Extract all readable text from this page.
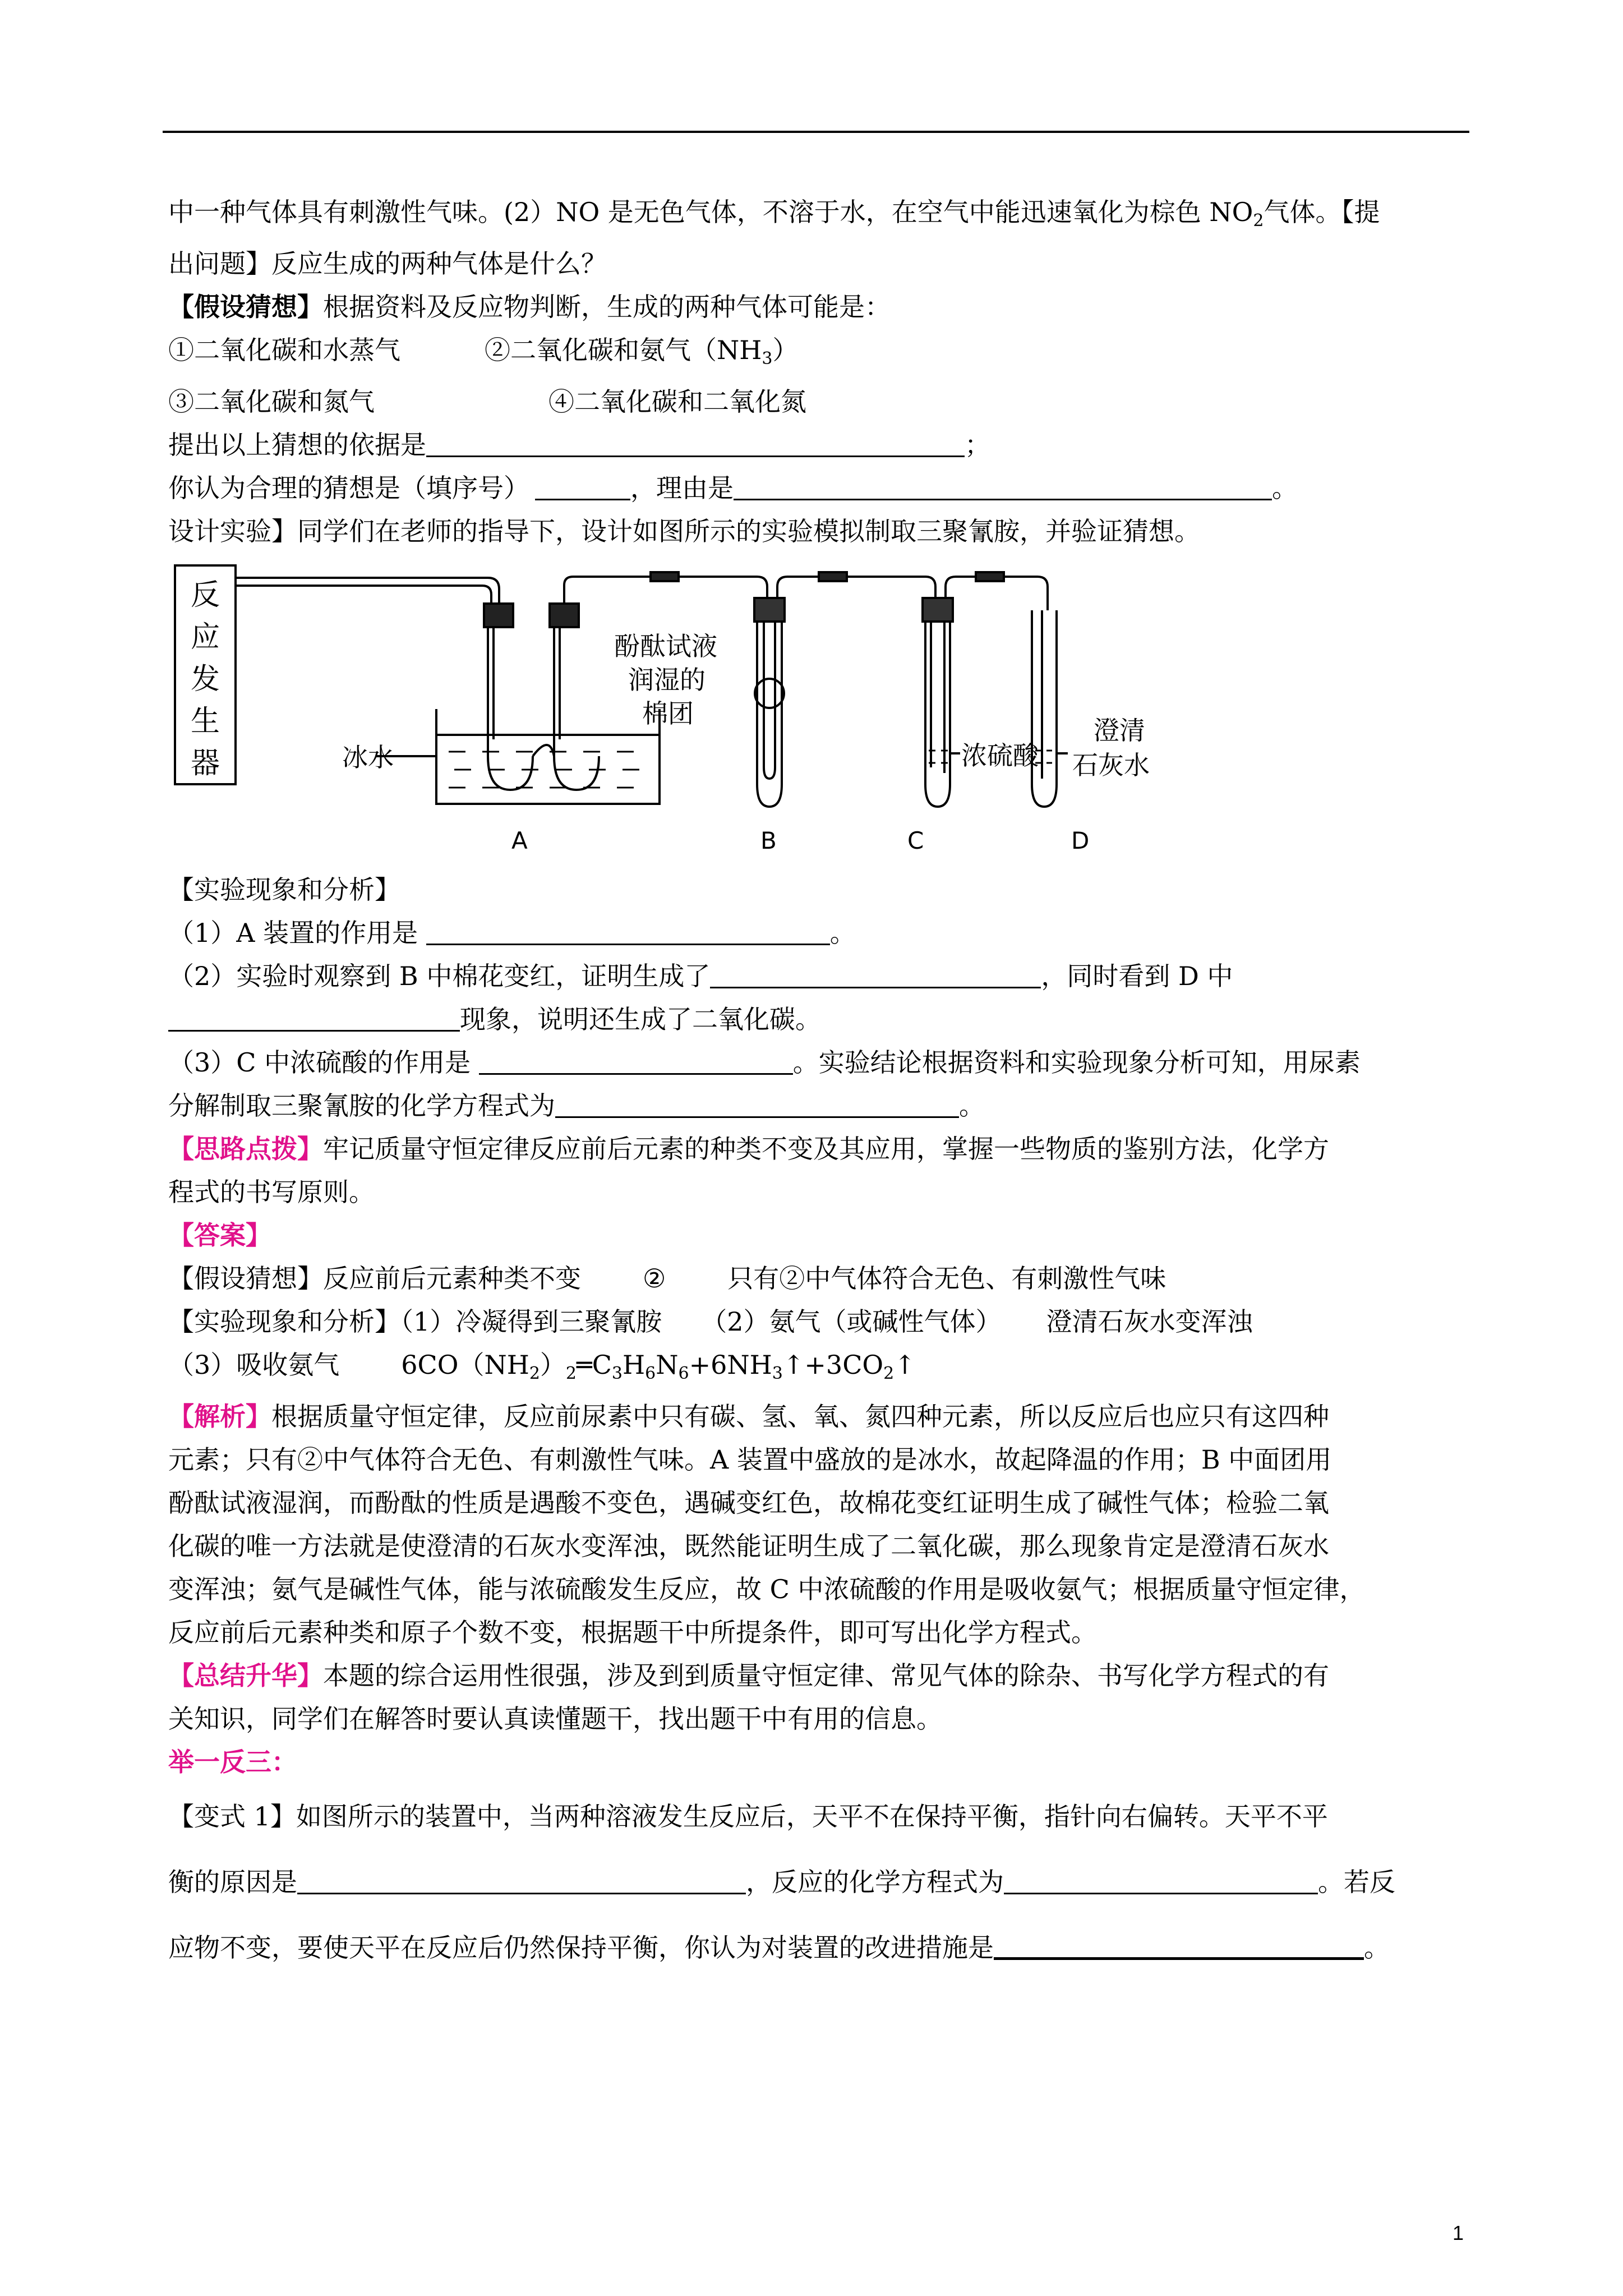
中一种气体具有刺激性气味。(2）NO 是无色气体，不溶于水，在空气中能迅速氧化为棕色 $NO_2$气体。【提
出问题】反应生成的两种气体是什么？
【假设猜想】根据资料及反应物判断，生成的两种气体可能是：
①二氧化碳和水蒸气	②二氧化碳和氨气$(NH_3)$
③二氧化碳和氮气	④二氧化碳和二氧化氮
提出以上猜想的依据是	；
你认为合理的猜想是（填序号）	，理由是	。
设计实验】同学们在老师的指导下，设计如图所示的实验模拟制取三聚氰胺，并验证猜想。
反
应
发
生
器	冰水
酚酞试液
润湿的
棉团
浓硫酸
澄清
石灰水
A	B	C	D
【实验现象和分析】
（1）A 装置的作用是	。
（2）实验时观察到 B 中棉花变红，证明生成了	，同时看到 D 中
现象，说明还生成了二氧化碳。
（3）C 中浓硫酸的作用是	。实验结论根据资料和实验现象分析可知，用尿素
分解制取三聚氰胺的化学方程式为	。
【思路点拨】牢记质量守恒定律反应前后元素的种类不变及其应用，掌握一些物质的鉴别方法，化学方
程式的书写原则。
【答案】
【假设猜想】反应前后元素种类不变 ② 只有②中气体符合无色、有刺激性气味
【实验现象和分析】（1）冷凝得到三聚氰胺 （2）氨气（或碱性气体） 澄清石灰水变浑浊
（3）吸收氨气 $6CO(NH_2)_2═C_3H_6N_6+6NH_3↑+3CO_2↑$
【解析】根据质量守恒定律，反应前尿素中只有碳、氢、氧、氮四种元素，所以反应后也应只有这四种
元素；只有②中气体符合无色、有刺激性气味。A 装置中盛放的是冰水，故起降温的作用；B 中面团用
酚酞试液湿润，而酚酞的性质是遇酸不变色，遇碱变红色，故棉花变红证明生成了碱性气体；检验二氧
化碳的唯一方法就是使澄清的石灰水变浑浊，既然能证明生成了二氧化碳，那么现象肯定是澄清石灰水
变浑浊；氨气是碱性气体，能与浓硫酸发生反应，故 C 中浓硫酸的作用是吸收氨气；根据质量守恒定律，
反应前后元素种类和原子个数不变，根据题干中所提条件，即可写出化学方程式。
【总结升华】本题的综合运用性很强，涉及到到质量守恒定律、常见气体的除杂、书写化学方程式的有
关知识，同学们在解答时要认真读懂题干，找出题干中有用的信息。
举一反三：
【变式 1】如图所示的装置中，当两种溶液发生反应后，天平不在保持平衡，指针向右偏转。天平不平
衡的原因是	，反应的化学方程式为	。若反
应物不变，要使天平在反应后仍然保持平衡，你认为对装置的改进措施是	。
1
